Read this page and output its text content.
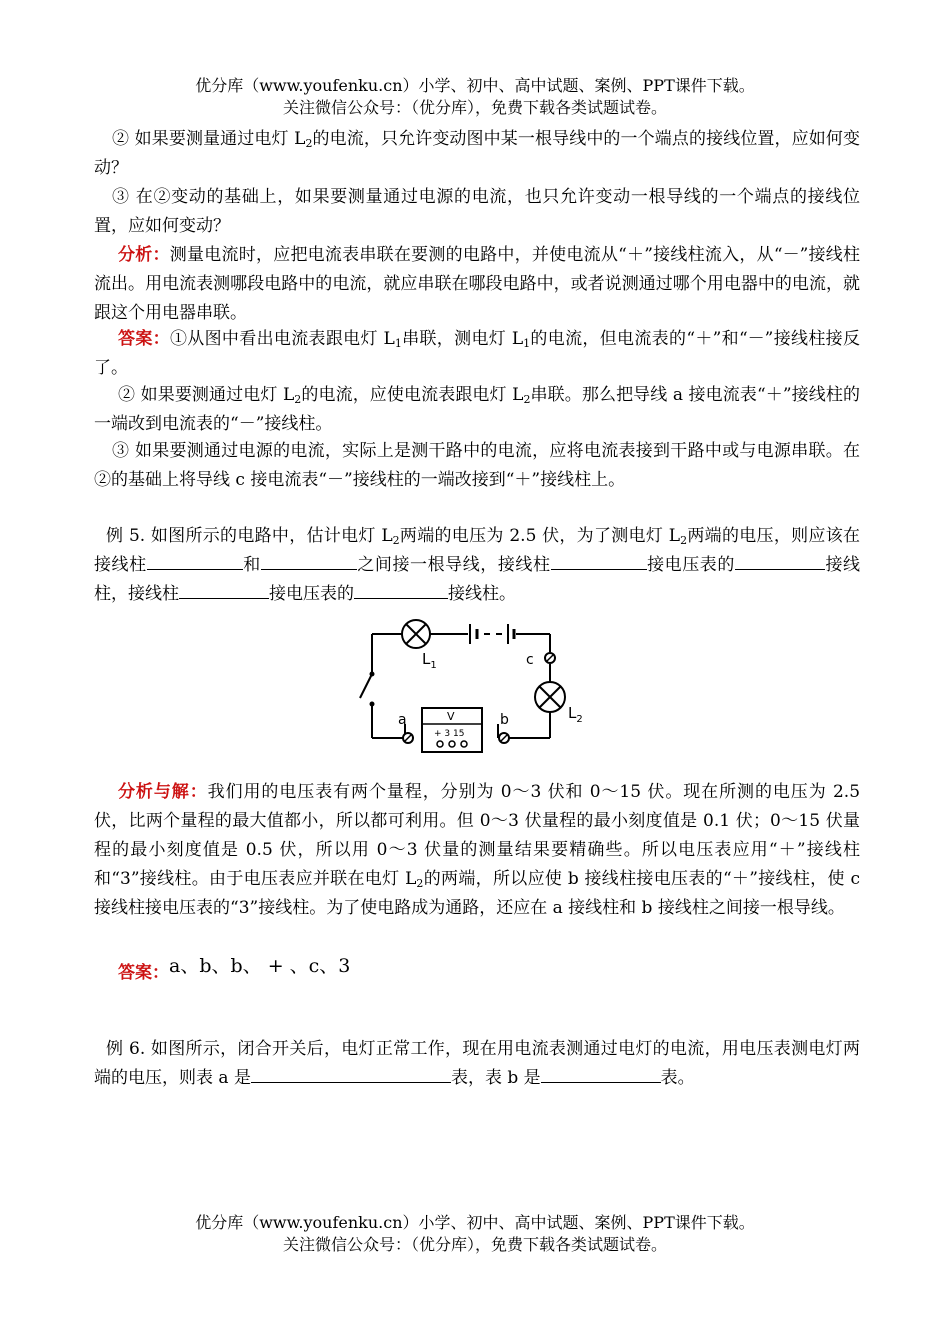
优分库（www.youfenku.cn）小学、初中、高中试题、案例、PPT课件下载。
关注微信公众号：（优分库），免费下载各类试题试卷。
② 如果要测量通过电灯 $L_2$的电流，只允许变动图中某一根导线中的一个端点的接线位置，应如何变动？
③ 在②变动的基础上，如果要测量通过电源的电流，也只允许变动一根导线的一个端点的接线位置，应如何变动？
分析：测量电流时，应把电流表串联在要测的电路中，并使电流从“＋”接线柱流入，从“－”接线柱流出。用电流表测哪段电路中的电流，就应串联在哪段电路中，或者说测通过哪个用电器中的电流，就跟这个用电器串联。
答案：①从图中看出电流表跟电灯 $L_1$串联，测电灯 $L_1$的电流，但电流表的“＋”和“－”接线柱接反了。
② 如果要测通过电灯 $L_2$的电流，应使电流表跟电灯 $L_2$串联。那么把导线 a 接电流表“＋”接线柱的一端改到电流表的“－”接线柱。
③ 如果要测通过电源的电流，实际上是测干路中的电流，应将电流表接到干路中或与电源串联。在②的基础上将导线 c 接电流表“－”接线柱的一端改接到“＋”接线柱上。
例 5. 如图所示的电路中，估计电灯 $L_2$两端的电压为 2.5 伏，为了测电灯 $L_2$两端的电压，则应该在接线柱	和	之间接一根导线，接线柱	接电压表的	接线柱，接线柱	接电压表的	接线柱。
$L_1$
$L_2$
c
a	b
V
+ 3 15
分析与解：我们用的电压表有两个量程，分别为 0～3 伏和 0～15 伏。现在所测的电压为 2.5 伏，比两个量程的最大值都小，所以都可利用。但 0～3 伏量程的最小刻度值是 0.1 伏；0～15 伏量程的最小刻度值是 0.5 伏，所以用 0～3 伏量的测量结果要精确些。所以电压表应用“＋”接线柱和“3”接线柱。由于电压表应并联在电灯 $L_2$的两端，所以应使 b 接线柱接电压表的“＋”接线柱，使 c 接线柱接电压表的“3”接线柱。为了使电路成为通路，还应在 a 接线柱和 b 接线柱之间接一根导线。
答案：a、b、b、 + 、c、3
例 6. 如图所示，闭合开关后，电灯正常工作，现在用电流表测通过电灯的电流，用电压表测电灯两端的电压，则表 a 是	表，表 b 是	表。
优分库（www.youfenku.cn）小学、初中、高中试题、案例、PPT课件下载。
关注微信公众号：（优分库），免费下载各类试题试卷。
